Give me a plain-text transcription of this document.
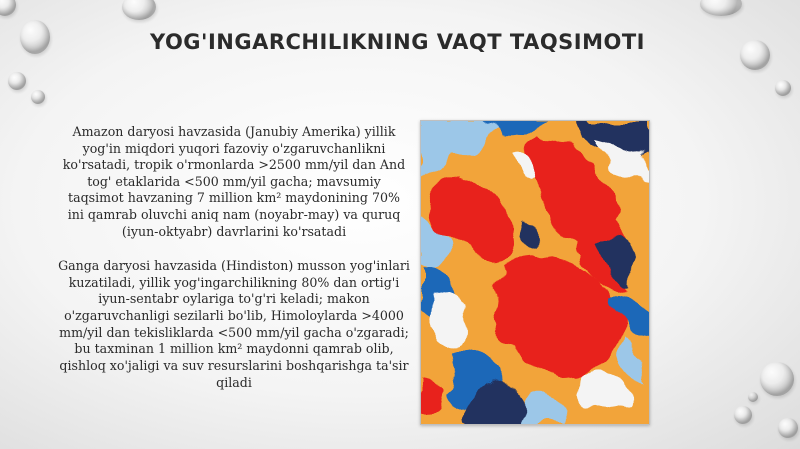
YOG'INGARCHILIKNING VAQT TAQSIMOTI

Amazon daryosi havzasida (Janubiy Amerika) yillik yog'in miqdori yuqori fazoviy o'zgaruvchanlikni ko'rsatadi, tropik o'rmonlarda >2500 mm/yil dan And tog' etaklarida <500 mm/yil gacha; mavsumiy taqsimot havzaning 7 million km² maydonining 70% ini qamrab oluvchi aniq nam (noyabr-may) va quruq (iyun-oktyabr) davrlarini ko'rsatadi

Ganga daryosi havzasida (Hindiston) musson yog'inlari kuzatiladi, yillik yog'ingarchilikning 80% dan ortig'i iyun-sentabr oylariga to'g'ri keladi; makon o'zgaruvchanligi sezilarli bo'lib, Himoloylarda >4000 mm/yil dan tekisliklarda <500 mm/yil gacha o'zgaradi; bu taxminan 1 million km² maydonni qamrab olib, qishloq xo'jaligi va suv resurslarini boshqarishga ta'sir qiladi
